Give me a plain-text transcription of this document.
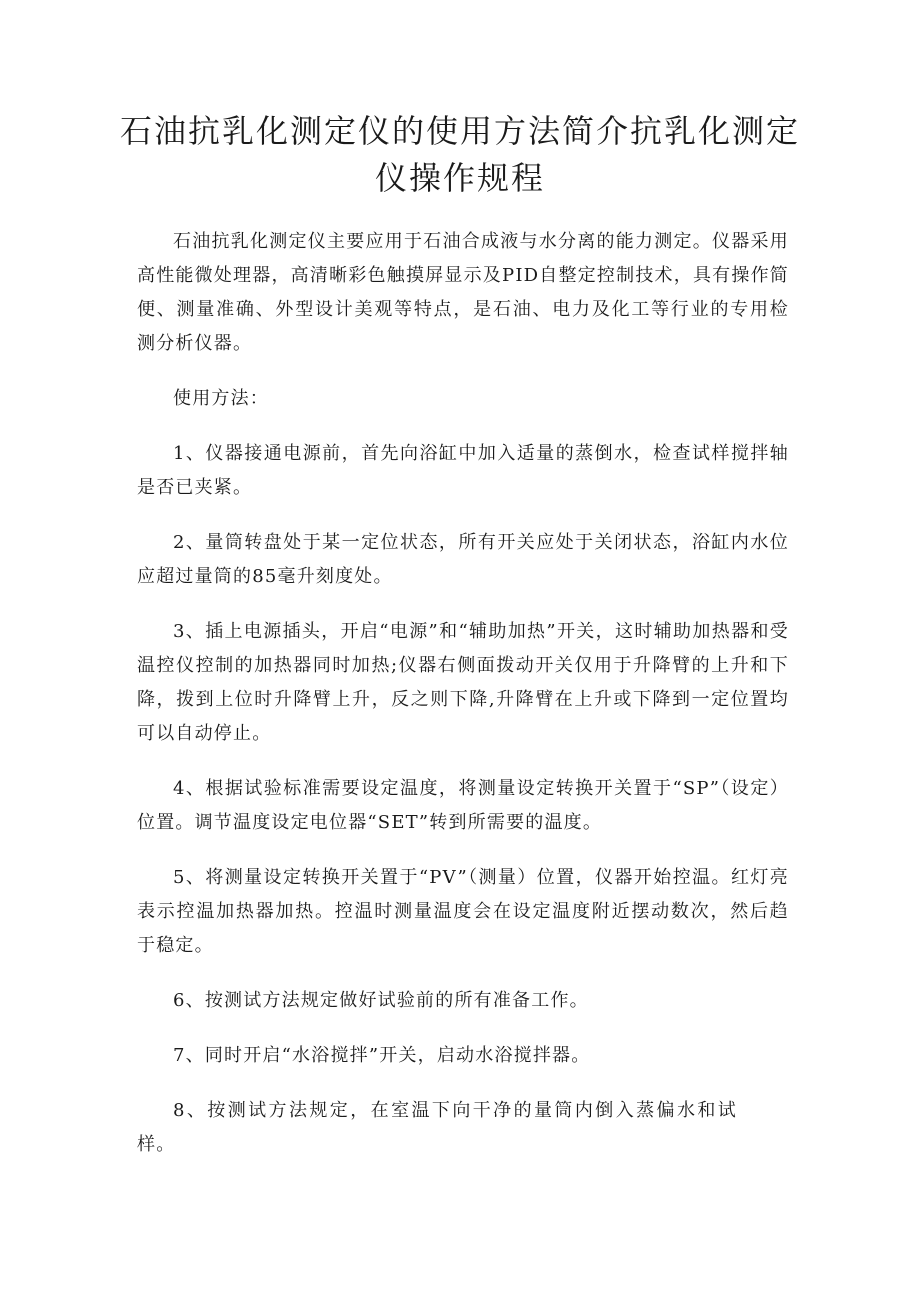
石油抗乳化测定仪的使用方法简介抗乳化测定仪操作规程

石油抗乳化测定仪主要应用于石油合成液与水分离的能力测定。仪器采用高性能微处理器，高清晰彩色触摸屏显示及PID自整定控制技术，具有操作简便、测量准确、外型设计美观等特点，是石油、电力及化工等行业的专用检测分析仪器。

使用方法：

1、仪器接通电源前，首先向浴缸中加入适量的蒸倒水，检查试样搅拌轴是否已夹紧。

2、量筒转盘处于某一定位状态，所有开关应处于关闭状态，浴缸内水位应超过量筒的85毫升刻度处。

3、插上电源插头，开启“电源”和“辅助加热”开关，这时辅助加热器和受温控仪控制的加热器同时加热;仪器右侧面拨动开关仅用于升降臂的上升和下降，拨到上位时升降臂上升，反之则下降,升降臂在上升或下降到一定位置均可以自动停止。

4、根据试验标准需要设定温度，将测量设定转换开关置于“SP”（设定）位置。调节温度设定电位器“SET”转到所需要的温度。

5、将测量设定转换开关置于“PV”（测量）位置，仪器开始控温。红灯亮表示控温加热器加热。控温时测量温度会在设定温度附近摆动数次，然后趋于稳定。

6、按测试方法规定做好试验前的所有准备工作。

7、同时开启“水浴搅拌”开关，启动水浴搅拌器。

8、按测试方法规定，在室温下向干净的量筒内倒入蒸偏水和试样。
